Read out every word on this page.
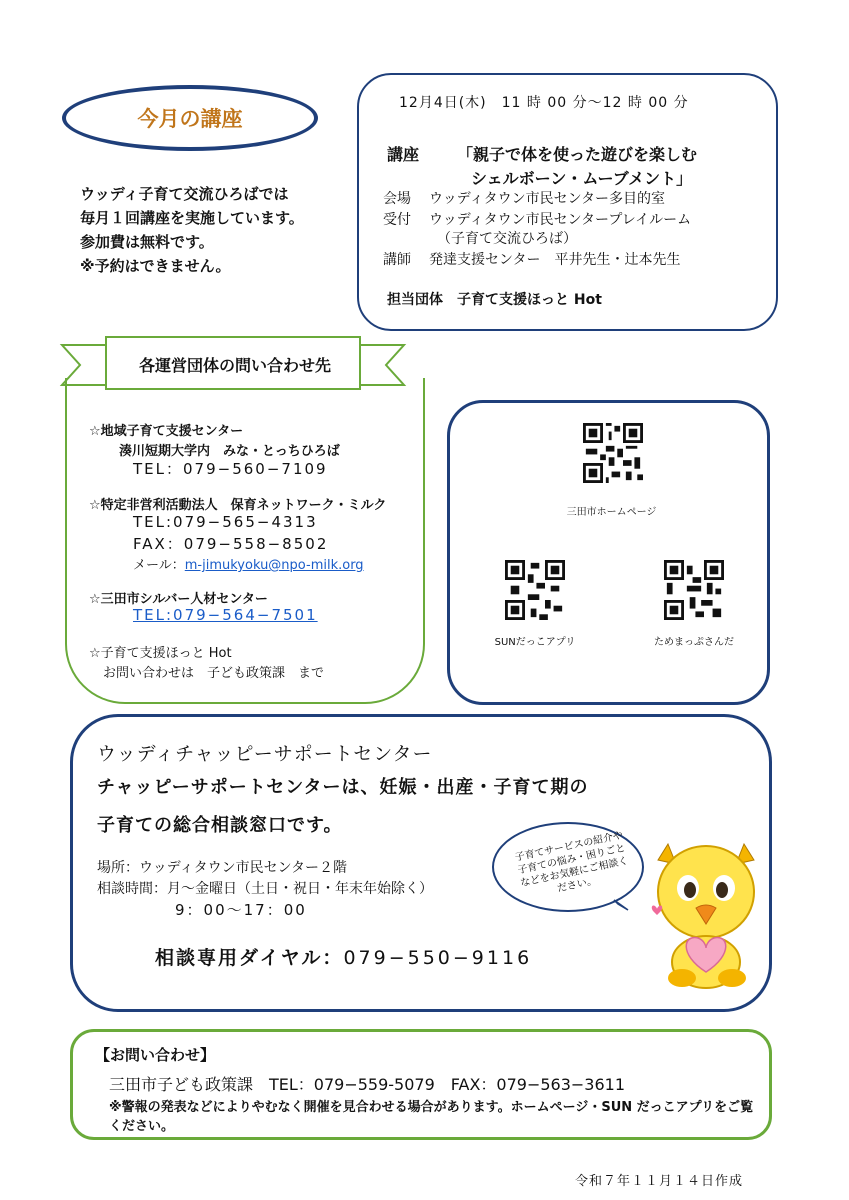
今月の講座
ウッディ子育て交流ひろばでは
毎月１回講座を実施しています。
参加費は無料です。
※予約はできません。
12月4日(木)　11 時 00 分〜12 時 00 分
講座 「親子で体を使った遊びを楽しむ
シェルボーン・ムーブメント」
会場 ウッディタウン市民センター多目的室
受付 ウッディタウン市民センタープレイルーム
（子育て交流ひろば）
講師 発達支援センター　平井先生・辻本先生
担当団体　子育て支援ほっと Hot
☆地域子育て支援センター
湊川短期大学内　みな・とっちひろば
TEL：079−560−7109
☆特定非営利活動法人　保育ネットワーク・ミルク
TEL:079−565−4313
FAX：079−558−8502
メール：m-jimukyoku@npo-milk.org
☆三田市シルバー人材センター
TEL:079−564−7501
☆子育て支援ほっと Hot
お問い合わせは　子ども政策課　まで
各運営団体の問い合わせ先
三田市ホームページ
SUNだっこアプリ	ためまっぷさんだ
ウッディチャッピーサポートセンター
チャッピーサポートセンターは、妊娠・出産・子育て期の
子育ての総合相談窓口です。
場所：ウッディタウン市民センター２階
相談時間：月〜金曜日（土日・祝日・年末年始除く）
9：00〜17：00
相談専用ダイヤル：079−550−9116
子育てサービスの紹介や子育ての悩み・困りごとなどをお気軽にご相談ください。
【お問い合わせ】
三田市子ども政策課　TEL：079−559-5079　FAX：079−563−3611
※警報の発表などによりやむなく開催を見合わせる場合があります。ホームページ・SUN だっこアプリをご覧ください。
令和７年１１月１４日作成
